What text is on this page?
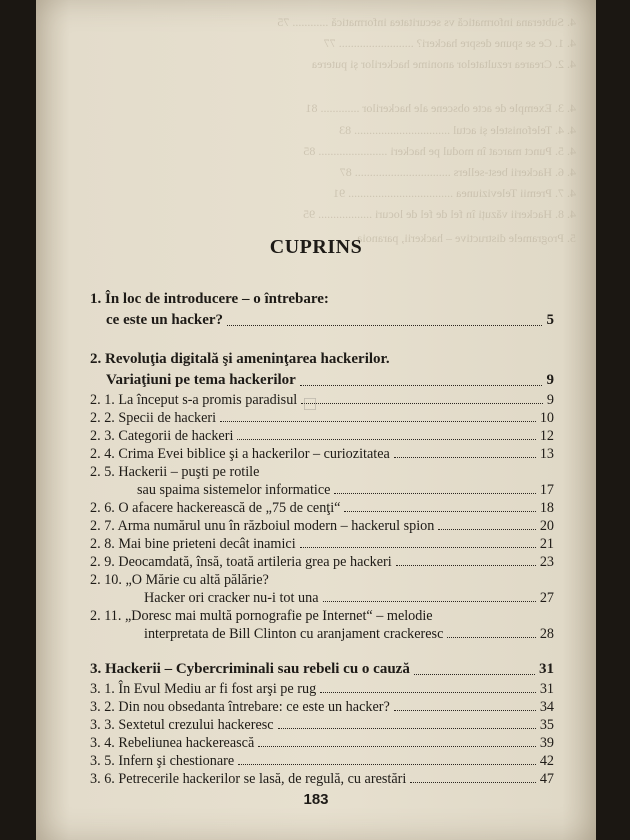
4. Subterana informatică vs securitatea informatică ............ 75
4. 1. Ce se spune despre hackeri? ......................... 77
4. 2. Crearea rezultatelor anonime hackerilor și puterea
4. 3. Exemple de acte obscene ale hackerilor ............. 81
4. 4. Telefonistele și actul ................................ 83
4. 5. Punct marcat în modul pe hackeri ....................... 85
4. 6. Hackerii best-sellers ................................ 87
4. 7. Premii Televiziunea ................................... 91
4. 8. Hackerii văzuți în fel de fel de locuri .................. 95
5. Programele distructive – hackerii, paranoia
CUPRINS
1. În loc de introducere – o întrebare:
ce este un hacker?	5
2. Revoluţia digitală şi ameninţarea hackerilor.
Variaţiuni pe tema hackerilor	9
2. 1. La început s-a promis paradisul	9
2. 2. Specii de hackeri	10
2. 3. Categorii de hackeri	12
2. 4. Crima Evei biblice şi a hackerilor – curiozitatea	13
2. 5. Hackerii – puşti pe rotile
sau spaima sistemelor informatice	17
2. 6. O afacere hackerească de „75 de cenţi“	18
2. 7. Arma numărul unu în războiul modern – hackerul spion	20
2. 8. Mai bine prieteni decât inamici	21
2. 9. Deocamdată, însă, toată artileria grea pe hackeri	23
2. 10. „O Mărie cu altă pălărie?
Hacker ori cracker nu-i tot una	27
2. 11. „Doresc mai multă pornografie pe Internet“ – melodie
interpretata de Bill Clinton cu aranjament crackeresc	28
3. Hackerii – Cybercriminali sau rebeli cu o cauză	31
3. 1. În Evul Mediu ar fi fost arşi pe rug	31
3. 2. Din nou obsedanta întrebare: ce este un hacker?	34
3. 3. Sextetul crezului hackeresc	35
3. 4. Rebeliunea hackerească	39
3. 5. Infern şi chestionare	42
3. 6. Petrecerile hackerilor se lasă, de regulă, cu arestări	47
□
183
